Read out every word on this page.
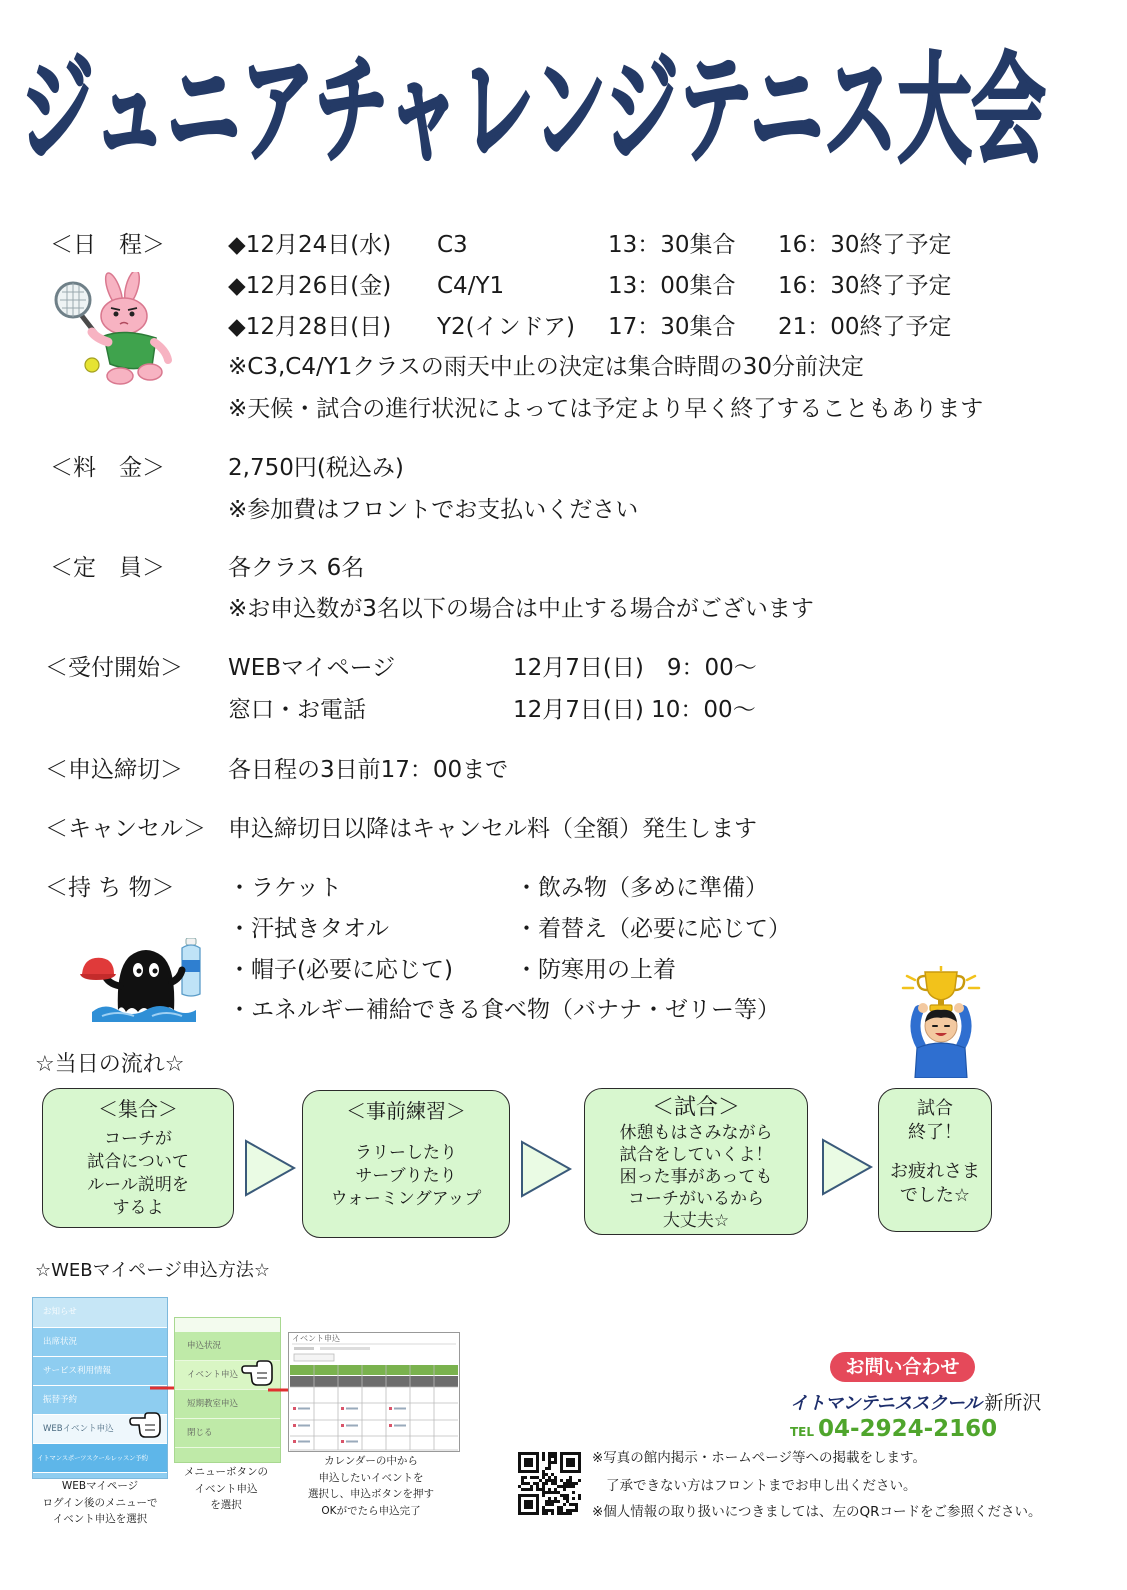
ジュニアチャレンジテニス大会
＜日　程＞	◆12月24日(水) C3	13：30集合 16：30終了予定
◆12月26日(金) C4/Y1	13：00集合 16：30終了予定
◆12月28日(日) Y2(インドア) 17：30集合 21：00終了予定
※C3,C4/Y1クラスの雨天中止の決定は集合時間の30分前決定
※天候・試合の進行状況によっては予定より早く終了することもあります
＜料　金＞	2,750円(税込み)
※参加費はフロントでお支払いください
＜定　員＞	各クラス 6名
※お申込数が3名以下の場合は中止する場合がございます
＜受付開始＞ WEBマイページ	12月7日(日)　9：00～
窓口・お電話	12月7日(日) 10：00～
＜申込締切＞ 各日程の3日前17：00まで
＜キャンセル＞ 申込締切日以降はキャンセル料（全額）発生します
＜持 ち 物＞ ・ラケット
・汗拭きタオル
・帽子(必要に応じて)
・エネルギー補給できる食べ物（バナナ・ゼリー等）
・飲み物（多めに準備）
・着替え（必要に応じて）
・防寒用の上着
☆当日の流れ☆
＜集合＞
コーチが
試合について
ルール説明を
するよ
＜事前練習＞
ラリーしたり
サーブりたり
ウォーミングアップ
＜試合＞
休憩もはさみながら
試合をしていくよ！
困った事があっても
コーチがいるから
大丈夫☆
試合
終了！
お疲れさま
でした☆
☆WEBマイページ申込方法☆
お知らせ
出席状況
サービス利用情報
振替予約
WEBイベント申込
イトマンスポーツスクールレッスン予約
WEBマイページ
ログイン後のメニューで
イベント申込を選択
申込状況
イベント申込
短期教室申込
閉じる
メニューボタンの
イベント申込
を選択
イベント申込
カレンダーの中から
申込したいイベントを
選択し、申込ボタンを押す
OKがでたら申込完了
お問い合わせ
イトマンテニススクール 新所沢
TEL 04-2924-2160
※写真の館内掲示・ホームページ等への掲載をします。
了承できない方はフロントまでお申し出ください。
※個人情報の取り扱いにつきましては、左のQRコードをご参照ください。
